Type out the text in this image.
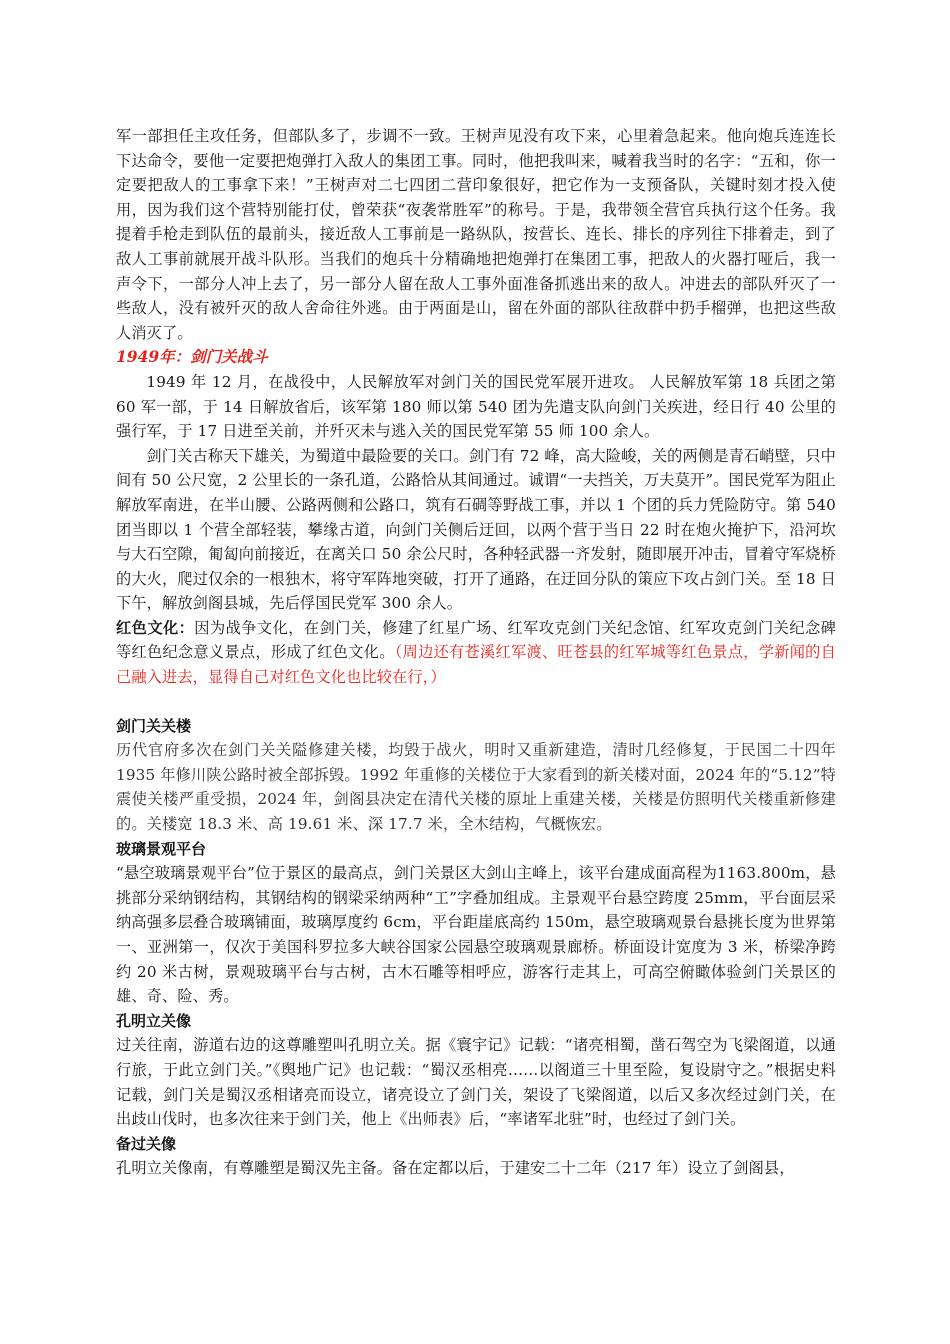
军一部担任主攻任务，但部队多了，步调不一致。王树声见没有攻下来，心里着急起来。他向炮兵连连长下达命令，要他一定要把炮弹打入敌人的集团工事。同时，他把我叫来，喊着我当时的名字：“五和，你一定要把敌人的工事拿下来！”王树声对二七四团二营印象很好，把它作为一支预备队，关键时刻才投入使用，因为我们这个营特别能打仗，曾荣获“夜袭常胜军”的称号。于是，我带领全营官兵执行这个任务。我提着手枪走到队伍的最前头，接近敌人工事前是一路纵队，按营长、连长、排长的序列往下排着走，到了敌人工事前就展开战斗队形。当我们的炮兵十分精确地把炮弹打在集团工事，把敌人的火器打哑后，我一声令下，一部分人冲上去了，另一部分人留在敌人工事外面准备抓逃出来的敌人。冲进去的部队歼灭了一些敌人，没有被歼灭的敌人舍命往外逃。由于两面是山，留在外面的部队往敌群中扔手榴弹，也把这些敌人消灭了。

1949年：剑门关战斗

1949 年 12 月，在战役中，人民解放军对剑门关的国民党军展开进攻。 人民解放军第 18 兵团之第 60 军一部，于 14 日解放省后，该军第 180 师以第 540 团为先遣支队向剑门关疾进，经日行 40 公里的强行军，于 17 日进至关前，并歼灭未与逃入关的国民党军第 55 师 100 余人。

剑门关古称天下雄关，为蜀道中最险要的关口。剑门有 72 峰，高大险峻，关的两侧是青石峭壁，只中间有 50 公尺宽，2 公里长的一条孔道，公路恰从其间通过。诚谓“一夫挡关，万夫莫开”。国民党军为阻止解放军南进，在半山腰、公路两侧和公路口，筑有石碉等野战工事，并以 1 个团的兵力凭险防守。第 540 团当即以 1 个营全部轻装，攀缘古道，向剑门关侧后迂回，以两个营于当日 22 时在炮火掩护下，沿河坎与大石空隙，匍匐向前接近，在离关口 50 余公尺时，各种轻武器一齐发射，随即展开冲击，冒着守军烧桥的大火，爬过仅余的一根独木，将守军阵地突破，打开了通路，在迂回分队的策应下攻占剑门关。至 18 日下午，解放剑阁县城，先后俘国民党军 300 余人。

红色文化：因为战争文化，在剑门关，修建了红星广场、红军攻克剑门关纪念馆、红军攻克剑门关纪念碑等红色纪念意义景点，形成了红色文化。（周边还有苍溪红军渡、旺苍县的红军城等红色景点，学新闻的自己融入进去，显得自己对红色文化也比较在行，）

剑门关关楼

历代官府多次在剑门关关隘修建关楼，均毁于战火，明时又重新建造，清时几经修复，于民国二十四年 1935 年修川陕公路时被全部拆毁。1992 年重修的关楼位于大家看到的新关楼对面，2024 年的“5.12”特震使关楼严重受损，2024 年，剑阁县决定在清代关楼的原址上重建关楼，关楼是仿照明代关楼重新修建的。关楼宽 18.3 米、高 19.61 米、深 17.7 米，全木结构，气概恢宏。

玻璃景观平台

“悬空玻璃景观平台”位于景区的最高点，剑门关景区大剑山主峰上，该平台建成面高程为1163.800m，悬挑部分采纳钢结构，其钢结构的钢梁采纳两种“工”字叠加组成。主景观平台悬空跨度 25mm，平台面层采纳高强多层叠合玻璃铺面，玻璃厚度约 6cm，平台距崖底高约 150m，悬空玻璃观景台悬挑长度为世界第一、亚洲第一，仅次于美国科罗拉多大峡谷国家公园悬空玻璃观景廊桥。桥面设计宽度为 3 米，桥梁净跨约 20 米古树，景观玻璃平台与古树，古木石雕等相呼应，游客行走其上，可高空俯瞰体验剑门关景区的雄、奇、险、秀。

孔明立关像

过关往南，游道右边的这尊雕塑叫孔明立关。据《寰宇记》记载：“诸亮相蜀，凿石驾空为飞梁阁道，以通行旅，于此立剑门关。”《舆地广记》也记载：“蜀汉丞相亮……以阁道三十里至险，复设尉守之。”根据史料记载，剑门关是蜀汉丞相诸亮而设立，诸亮设立了剑门关，架设了飞梁阁道，以后又多次经过剑门关，在出歧山伐时，也多次往来于剑门关，他上《出师表》后，“率诸军北驻”时，也经过了剑门关。

备过关像

孔明立关像南，有尊雕塑是蜀汉先主备。备在定都以后，于建安二十二年（217 年）设立了剑阁县，
